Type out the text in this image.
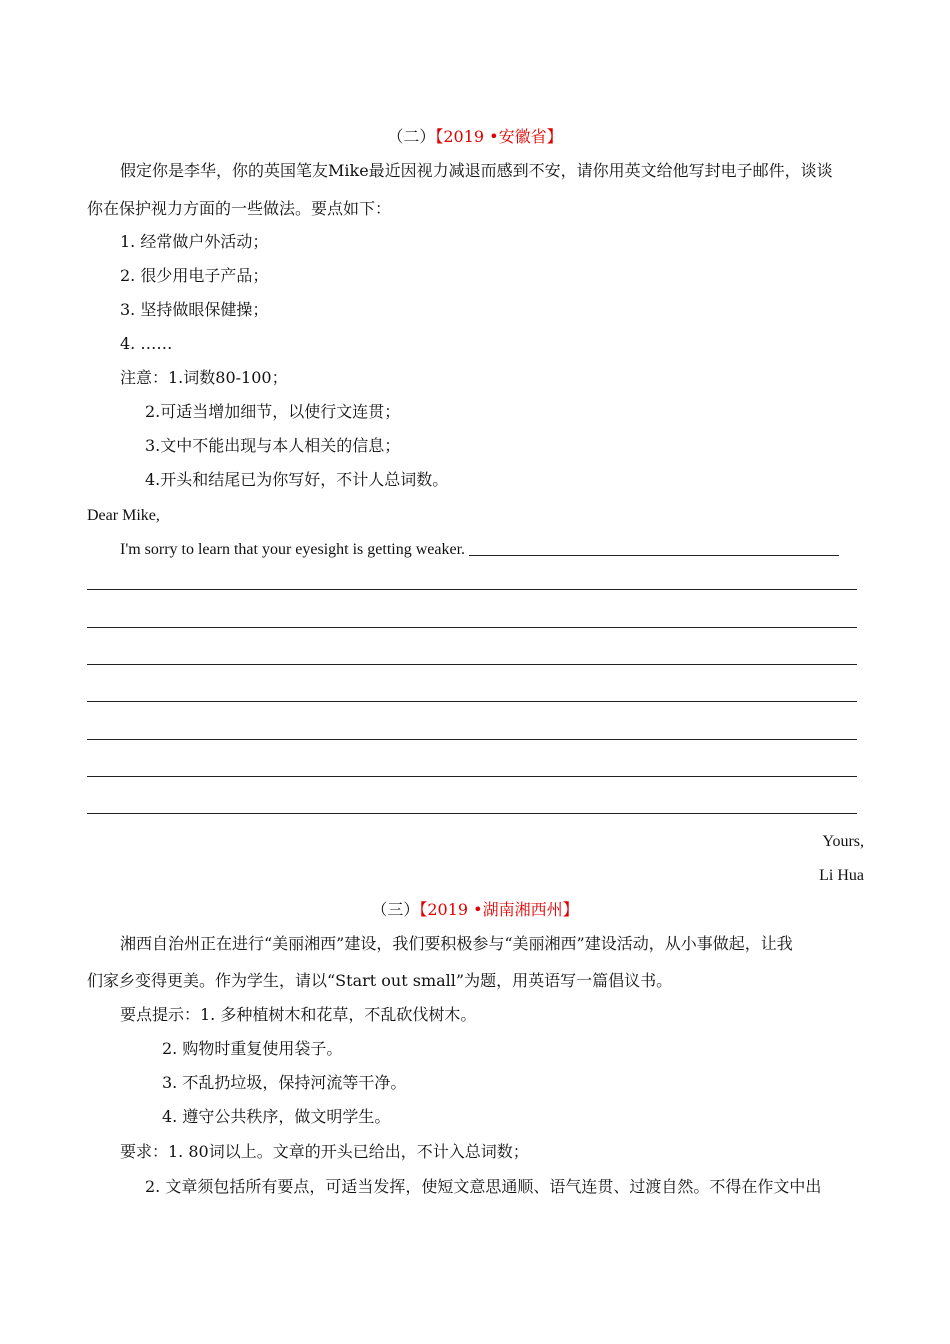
（二）【2019 •安徽省】
假定你是李华，你的英国笔友Mike最近因视力减退而感到不安，请你用英文给他写封电子邮件，谈谈
你在保护视力方面的一些做法。要点如下：
1. 经常做户外活动；
2. 很少用电子产品；
3. 坚持做眼保健操；
4. ……
注意：1.词数80-100；
2.可适当增加细节，以使行文连贯；
3.文中不能出现与本人相关的信息；
4.开头和结尾已为你写好，不计人总词数。
Dear Mike,
I'm sorry to learn that your eyesight is getting weaker.
Yours,
Li Hua
（三）【2019 •湖南湘西州】
湘西自治州正在进行“美丽湘西”建设，我们要积极参与“美丽湘西”建设活动，从小事做起，让我
们家乡变得更美。作为学生，请以“Start out small”为题，用英语写一篇倡议书。
要点提示：1. 多种植树木和花草，不乱砍伐树木。
2. 购物时重复使用袋子。
3. 不乱扔垃圾，保持河流等干净。
4. 遵守公共秩序，做文明学生。
要求：1. 80词以上。文章的开头已给出，不计入总词数；
2. 文章须包括所有要点，可适当发挥，使短文意思通顺、语气连贯、过渡自然。不得在作文中出
